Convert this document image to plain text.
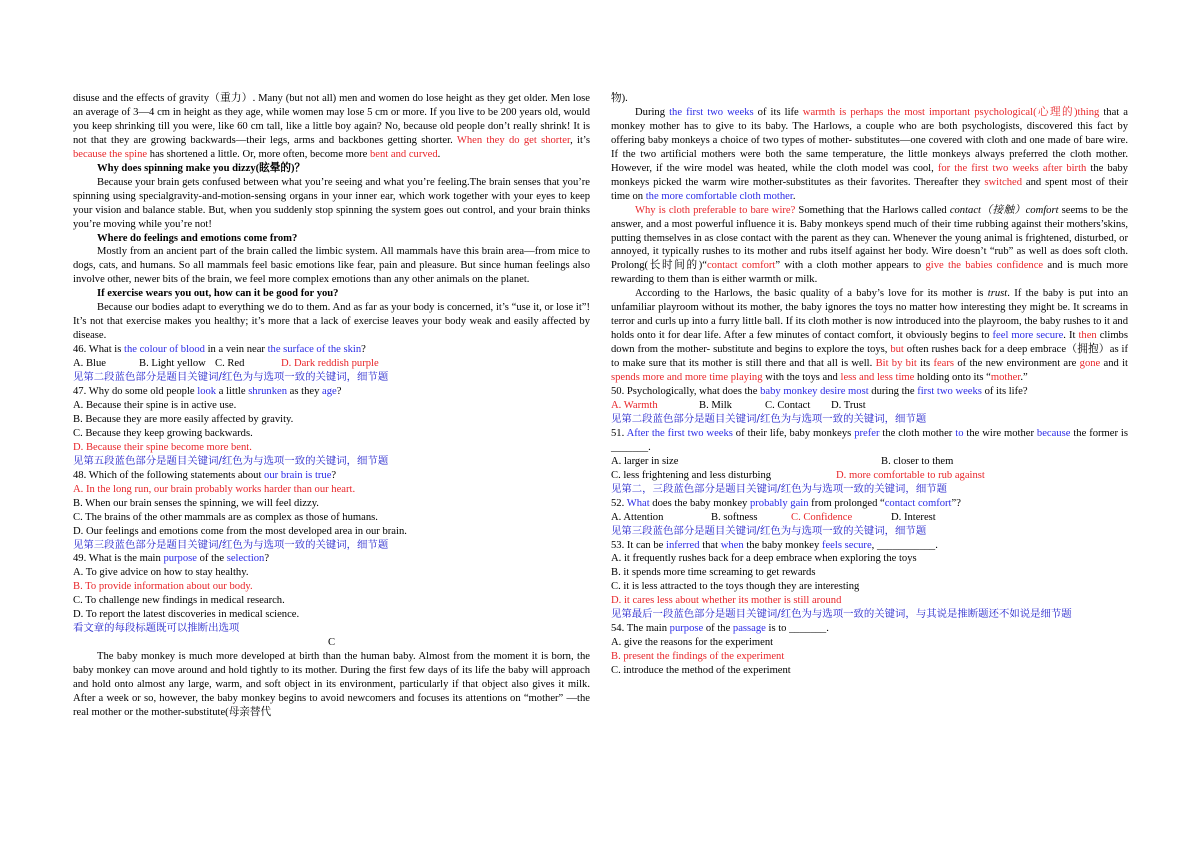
disuse and the effects of gravity（重力）. Many (but not all) men and women do lose height as they get older. Men lose an average of 3—4 cm in height as they age, while women may lose 5 cm or more. If you live to be 200 years old, would you keep shrinking till you were, like 60 cm tall, like a little boy again? No, because old people don’t really shrink! It is not that they are growing backwards—their legs, arms and backbones getting shorter. When they do get shorter, it’s because the spine has shortened a little. Or, more often, become more bent and curved.

Why does spinning make you dizzy(眩晕的)？

Because your brain gets confused between what you’re seeing and what you’re feeling.The brain senses that you’re spinning using specialgravity-and-motion-sensing organs in your inner ear, which work together with your eyes to keep your vision and balance stable. But, when you suddenly stop spinning the system goes out control, and your brain thinks you’re moving while you’re not!

Where do feelings and emotions come from?

Mostly from an ancient part of the brain called the limbic system. All mammals have this brain area—from mice to dogs, cats, and humans. So all mammals feel basic emotions like fear, pain and pleasure. But since human feelings also involve other, newer bits of the brain, we feel more complex emotions than any other animals on the planet.

If exercise wears you out, how can it be good for you?

Because our bodies adapt to everything we do to them. And as far as your body is concerned, it’s “use it, or lose it”! It’s not that exercise makes you healthy; it’s more that a lack of exercise leaves your body weak and easily affected by disease.

46. What is the colour of blood in a vein near the surface of the skin?

A. Blue	B. Light yellow C. Red	D. Dark reddish purple

见第二段蓝色部分是题目关键词/红色为与选项一致的关键词，细节题

47. Why do some old people look a little shrunken as they age?

A. Because their spine is in active use.

B. Because they are more easily affected by gravity.

C. Because they keep growing backwards.

D. Because their spine become more bent.

见第五段蓝色部分是题目关键词/红色为与选项一致的关键词，细节题

48. Which of the following statements about our brain is true?

A. In the long run, our brain probably works harder than our heart.

B. When our brain senses the spinning, we will feel dizzy.

C. The brains of the other mammals are as complex as those of humans.

D. Our feelings and emotions come from the most developed area in our brain.

见第三段蓝色部分是题目关键词/红色为与选项一致的关键词，细节题

49. What is the main purpose of the selection?

A. To give advice on how to stay healthy.

B. To provide information about our body.

C. To challenge new findings in medical research.

D. To report the latest discoveries in medical science.

看文章的每段标题既可以推断出选项

C

The baby monkey is much more developed at birth than the human baby. Almost from the moment it is born, the baby monkey can move around and hold tightly to its mother. During the first few days of its life the baby will approach and hold onto almost any large, warm, and soft object in its environment, particularly if that object also gives it milk. After a week or so, however, the baby monkey begins to avoid newcomers and focuses its attentions on “mother” —the real mother or the mother-substitute(母亲替代

物).

During the first two weeks of its life warmth is perhaps the most important psychological(心理的)thing that a monkey mother has to give to its baby. The Harlows, a couple who are both psychologists, discovered this fact by offering baby monkeys a choice of two types of mother- substitutes—one covered with cloth and one made of bare wire. If the two artificial mothers were both the same temperature, the little monkeys always preferred the cloth mother. However, if the wire model was heated, while the cloth model was cool, for the first two weeks after birth the baby monkeys picked the warm wire mother-substitutes as their favorites. Thereafter they switched and spent most of their time on the more comfortable cloth mother.

Why is cloth preferable to bare wire? Something that the Harlows called contact（接触）comfort seems to be the answer, and a most powerful influence it is. Baby monkeys spend much of their time rubbing against their mothers’skins, putting themselves in as close contact with the parent as they can. Whenever the young animal is frightened, disturbed, or annoyed, it typically rushes to its mother and rubs itself against her body. Wire doesn’t “rub” as well as does soft cloth. Prolong(长时间的)“contact comfort” with a cloth mother appears to give the babies confidence and is much more rewarding to them than is either warmth or milk.

According to the Harlows, the basic quality of a baby’s love for its mother is trust. If the baby is put into an unfamiliar playroom without its mother, the baby ignores the toys no matter how interesting they might be. It screams in terror and curls up into a furry little ball. If its cloth mother is now introduced into the playroom, the baby rushes to it and holds onto it for dear life. After a few minutes of contact comfort, it obviously begins to feel more secure. It then climbs down from the mother- substitute and begins to explore the toys, but often rushes back for a deep embrace（拥抱）as if to make sure that its mother is still there and that all is well. Bit by bit its fears of the new environment are gone and it spends more and more time playing with the toys and less and less time holding onto its “mother.”

50. Psychologically, what does the baby monkey desire most during the first two weeks of its life?

A. Warmth	B. Milk	C. Contact D. Trust

见第二段蓝色部分是题目关键词/红色为与选项一致的关键词，细节题

51. After the first two weeks of their life, baby monkeys prefer the cloth mother to the wire mother because the former is _______.

A. larger in size	B. closer to them

C. less frightening and less disturbing	D. more comfortable to rub against

见第二，三段蓝色部分是题目关键词/红色为与选项一致的关键词，细节题

52. What does the baby monkey probably gain from prolonged “contact comfort”?

A. Attention	B. softness	C. Confidence	D. Interest

见第三段蓝色部分是题目关键词/红色为与选项一致的关键词，细节题

53. It can be inferred that when the baby monkey feels secure, ___________.

A. it frequently rushes back for a deep embrace when exploring the toys

B. it spends more time screaming to get rewards

C. it is less attracted to the toys though they are interesting

D. it cares less about whether its mother is still around

见第最后一段蓝色部分是题目关键词/红色为与选项一致的关键词，与其说是推断题还不如说是细节题

54. The main purpose of the passage is to _______.

A. give the reasons for the experiment

B. present the findings of the experiment

C. introduce the method of the experiment
